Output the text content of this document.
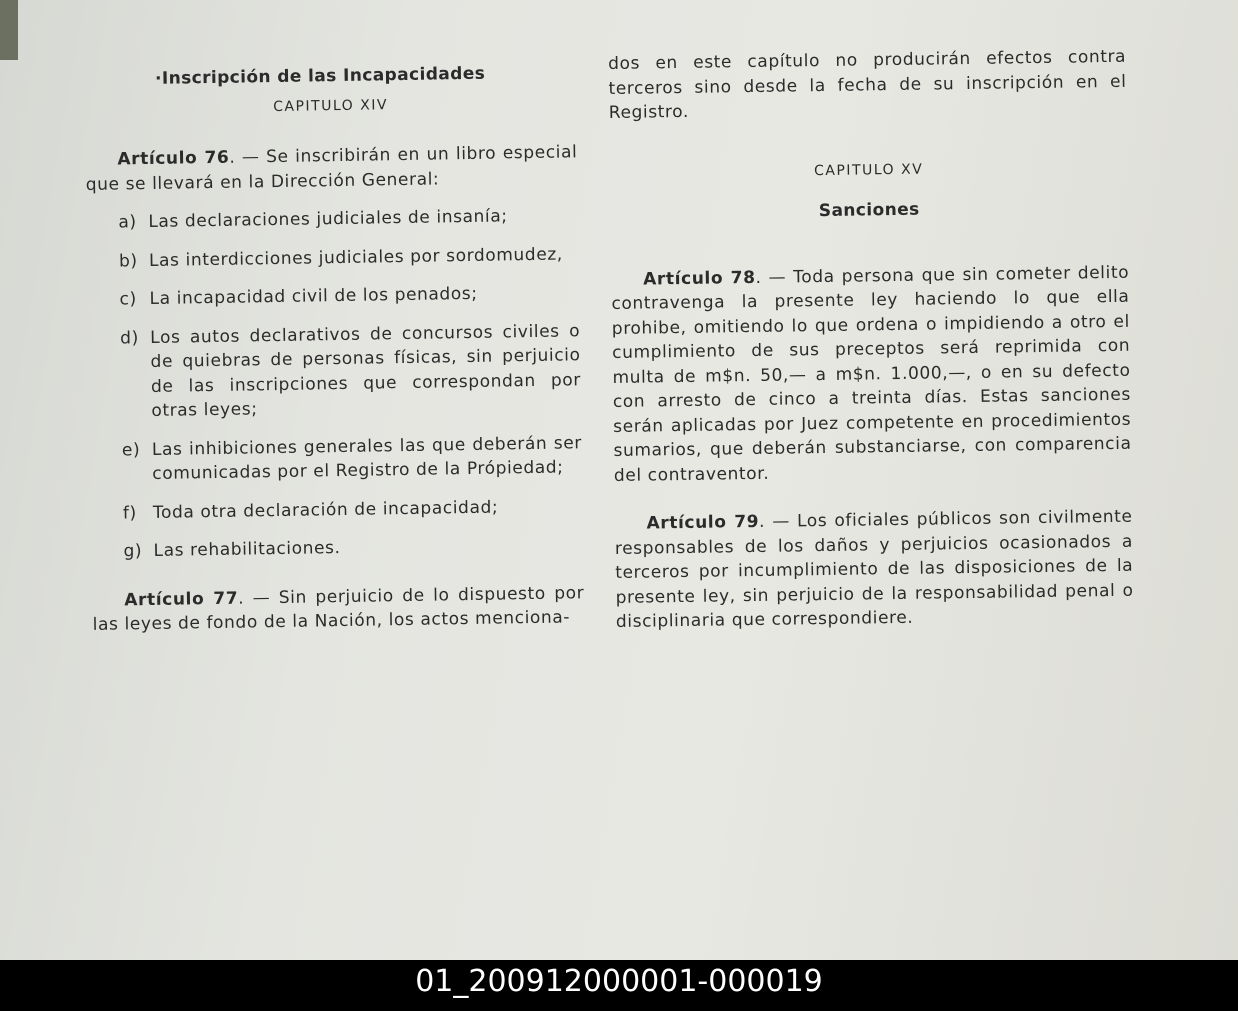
·Inscripción de las Incapacidades
CAPITULO XIV

Artículo 76. — Se inscribirán en un libro especial que se llevará en la Dirección General:

a) Las declaraciones judiciales de insanía;
b) Las interdicciones judiciales por sordomudez,
c) La incapacidad civil de los penados;
d) Los autos declarativos de concursos civiles o de quiebras de personas físicas, sin perjuicio de las inscripciones que correspondan por otras leyes;
e) Las inhibiciones generales las que deberán ser comunicadas por el Registro de la Própiedad;
f) Toda otra declaración de incapacidad;
g) Las rehabilitaciones.

Artículo 77. — Sin perjuicio de lo dispuesto por las leyes de fondo de la Nación, los actos menciona-

dos en este capítulo no producirán efectos contra terceros sino desde la fecha de su inscripción en el Registro.

CAPITULO XV
Sanciones

Artículo 78. — Toda persona que sin cometer delito contravenga la presente ley haciendo lo que ella prohibe, omitiendo lo que ordena o impidiendo a otro el cumplimiento de sus preceptos será reprimida con multa de m$n. 50,— a m$n. 1.000,—, o en su defecto con arresto de cinco a treinta días. Estas sanciones serán aplicadas por Juez competente en procedimientos sumarios, que deberán substanciarse, con comparencia del contraventor.

Artículo 79. — Los oficiales públicos son civilmente responsables de los daños y perjuicios ocasionados a terceros por incumplimiento de las disposiciones de la presente ley, sin perjuicio de la responsabilidad penal o disciplinaria que correspondiere.

01_200912000001-000019
